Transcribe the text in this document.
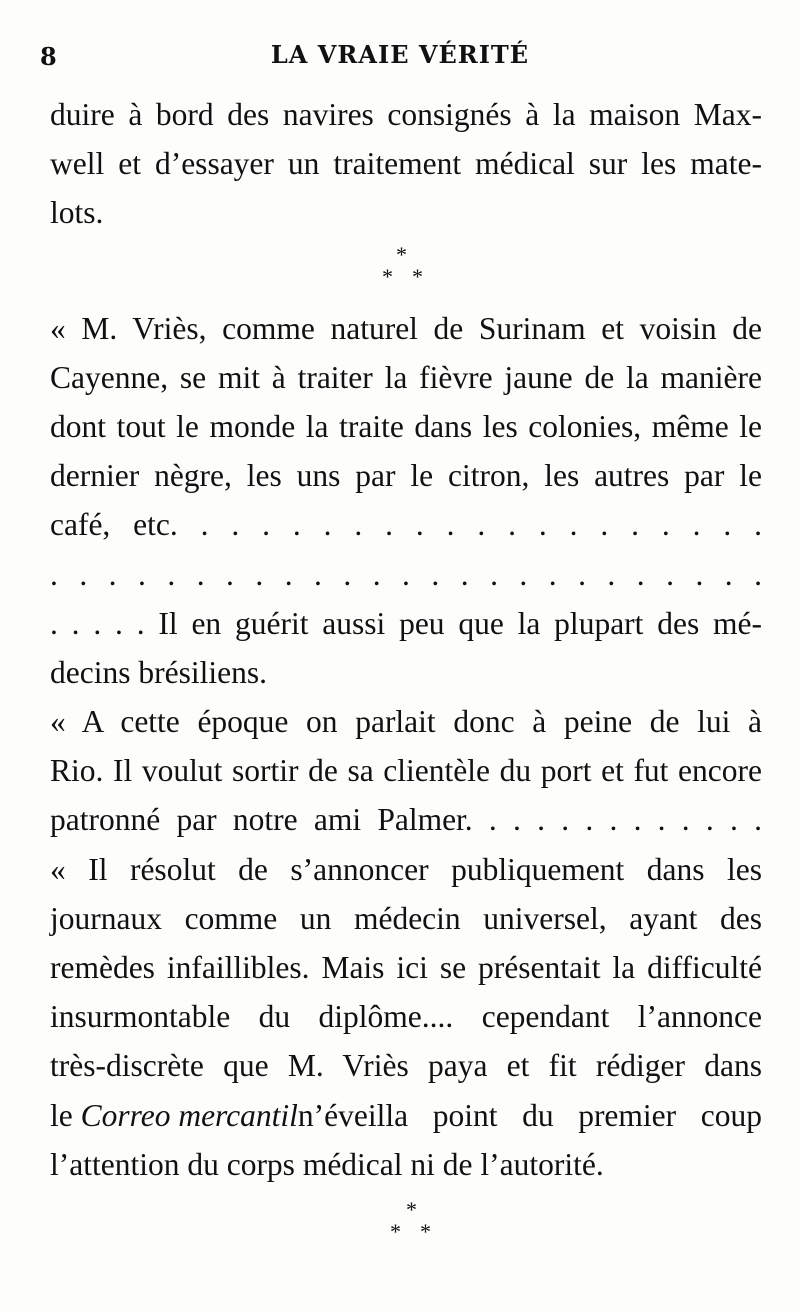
8	LA VRAIE VÉRITÉ
duire à bord des navires consignés à la maison Max-
well et d’essayer un traitement médical sur les mate-
lots.
*
* *
« M. Vriès, comme naturel de Surinam et voisin de
Cayenne, se mit à traiter la fièvre jaune de la manière
dont tout le monde la traite dans les colonies, même le
dernier nègre, les uns par le citron, les autres par le
café, etc. . . . . . . . . . . . . . . . . . . .
. . . . . . . . . . . . . . . . . . . . . . . . .
. . . . . Il en guérit aussi peu que la plupart des mé-
decins brésiliens.
« A cette époque on parlait donc à peine de lui à
Rio. Il voulut sortir de sa clientèle du port et fut encore
patronné par notre ami Palmer. . . . . . . . . . . . .
« Il résolut de s’annoncer publiquement dans les
journaux comme un médecin universel, ayant des
remèdes infaillibles. Mais ici se présentait la difficulté
insurmontable du diplôme.... cependant l’annonce
très-discrète que M. Vriès paya et fit rédiger dans
le Correo mercantil n’éveilla point du premier coup
l’attention du corps médical ni de l’autorité.
*
* *
